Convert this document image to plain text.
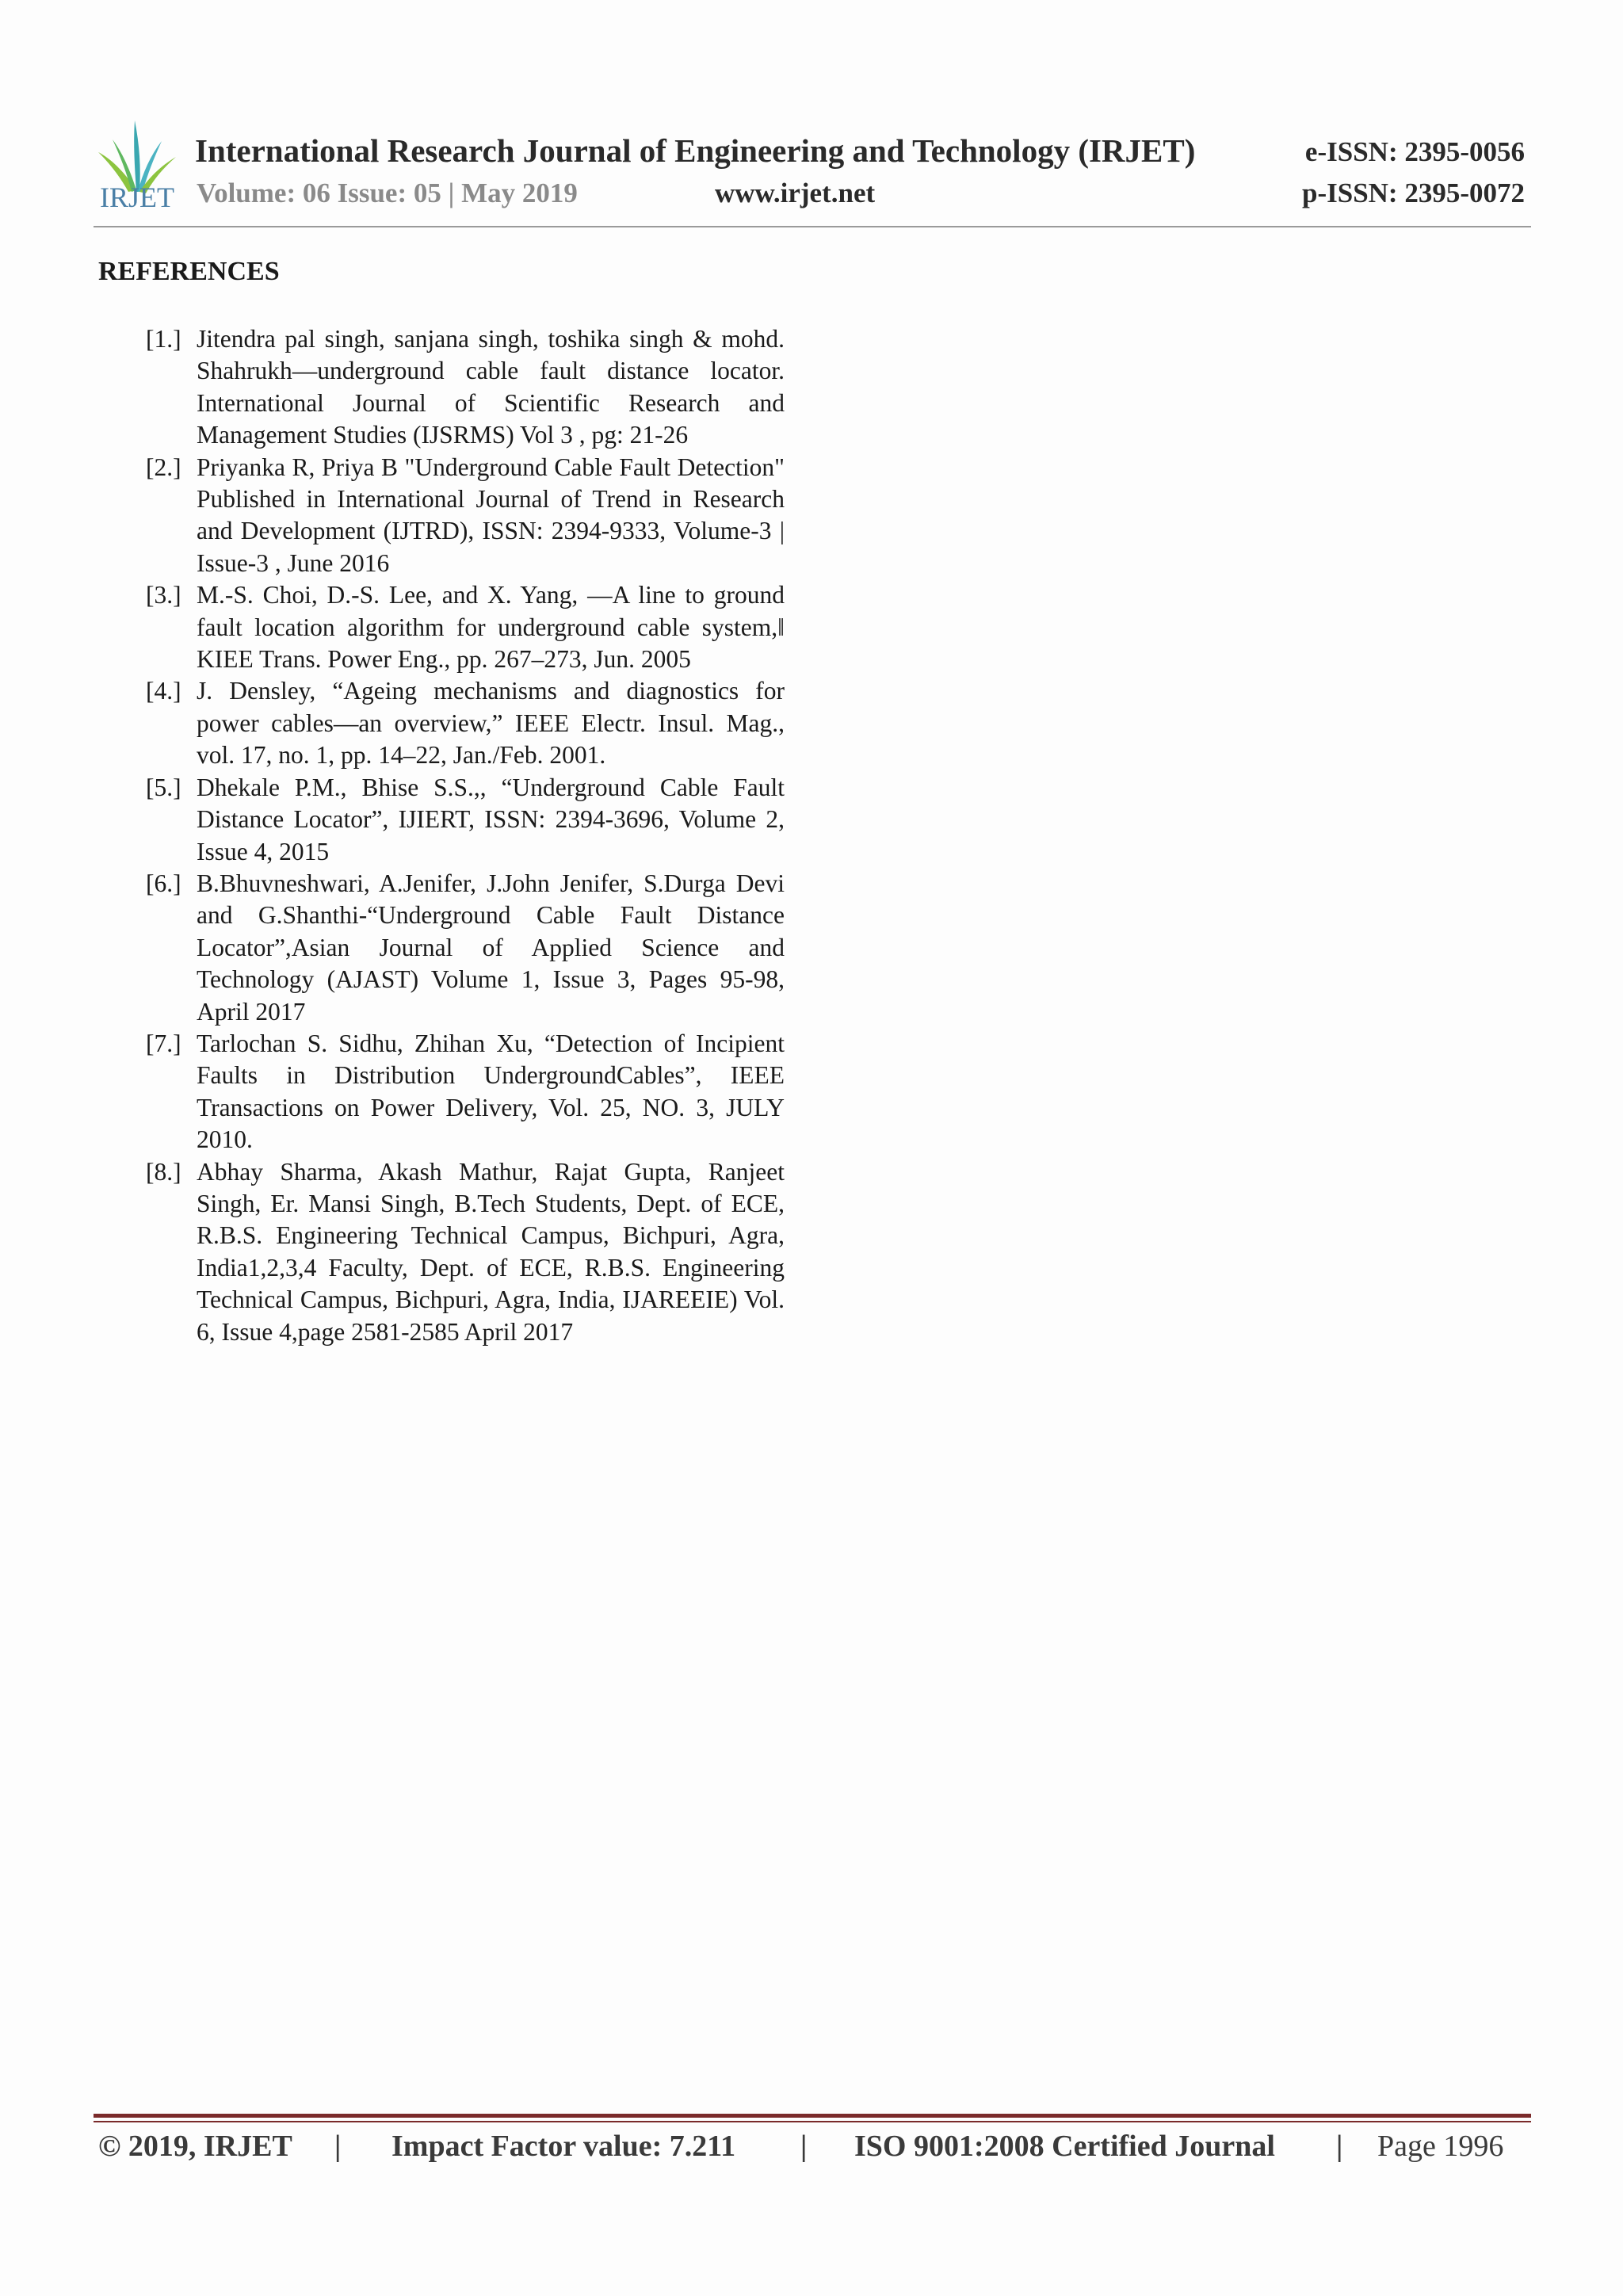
IRJET
International Research Journal of Engineering and Technology (IRJET)	e-ISSN: 2395-0056
Volume: 06 Issue: 05 | May 2019	www.irjet.net	p-ISSN: 2395-0072
REFERENCES
[1.] Jitendra pal singh, sanjana singh, toshika singh & mohd. Shahrukh—underground cable fault distance locator. International Journal of Scientific Research and Management Studies (IJSRMS) Vol 3 , pg: 21-26
[2.] Priyanka R, Priya B "Underground Cable Fault Detection" Published in International Journal of Trend in Research and Development (IJTRD), ISSN: 2394-9333, Volume-3 | Issue-3 , June 2016
[3.] M.-S. Choi, D.-S. Lee, and X. Yang, —A line to ground fault location algorithm for underground cable system,‖ KIEE Trans. Power Eng., pp. 267–273, Jun. 2005
[4.] J. Densley, “Ageing mechanisms and diagnostics for power cables—an overview,” IEEE Electr. Insul. Mag., vol. 17, no. 1, pp. 14–22, Jan./Feb. 2001.
[5.] Dhekale P.M., Bhise S.S.,, “Underground Cable Fault Distance Locator”, IJIERT, ISSN: 2394-3696, Volume 2, Issue 4, 2015
[6.] B.Bhuvneshwari, A.Jenifer, J.John Jenifer, S.Durga Devi and G.Shanthi-“Underground Cable Fault Distance Locator”,Asian Journal of Applied Science and Technology (AJAST) Volume 1, Issue 3, Pages 95-98, April 2017
[7.] Tarlochan S. Sidhu, Zhihan Xu, “Detection of Incipient Faults in Distribution UndergroundCables”, IEEE Transactions on Power Delivery, Vol. 25, NO. 3, JULY 2010.
[8.] Abhay Sharma, Akash Mathur, Rajat Gupta, Ranjeet Singh, Er. Mansi Singh, B.Tech Students, Dept. of ECE, R.B.S. Engineering Technical Campus, Bichpuri, Agra, India1,2,3,4 Faculty, Dept. of ECE, R.B.S. Engineering Technical Campus, Bichpuri, Agra, India, IJAREEIE) Vol. 6, Issue 4,page 2581-2585 April 2017
© 2019, IRJET | Impact Factor value: 7.211 | ISO 9001:2008 Certified Journal | Page 1996
